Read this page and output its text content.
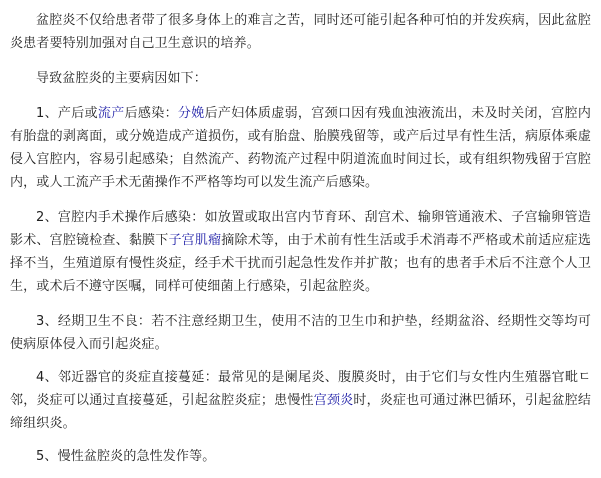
盆腔炎不仅给患者带了很多身体上的难言之苦，同时还可能引起各种可怕的并发疾病，因此盆腔炎患者要特别加强对自己卫生意识的培养。

导致盆腔炎的主要病因如下：

1、产后或流产后感染：分娩后产妇体质虚弱，宫颈口因有残血浊液流出，未及时关闭，宫腔内有胎盘的剥离面，或分娩造成产道损伤，或有胎盘、胎膜残留等，或产后过早有性生活，病原体乘虚侵入宫腔内，容易引起感染；自然流产、药物流产过程中阴道流血时间过长，或有组织物残留于宫腔内，或人工流产手术无菌操作不严格等均可以发生流产后感染。

2、宫腔内手术操作后感染：如放置或取出宫内节育环、刮宫术、输卵管通液术、子宫输卵管造影术、宫腔镜检查、黏膜下子宫肌瘤摘除术等，由于术前有性生活或手术消毒不严格或术前适应症选择不当，生殖道原有慢性炎症，经手术干扰而引起急性发作并扩散；也有的患者手术后不注意个人卫生，或术后不遵守医嘱，同样可使细菌上行感染，引起盆腔炎。

3、经期卫生不良：若不注意经期卫生，使用不洁的卫生巾和护垫，经期盆浴、经期性交等均可使病原体侵入而引起炎症。

4、邻近器官的炎症直接蔓延：最常见的是阑尾炎、腹膜炎时，由于它们与女性内生殖器官毗ㄷ邻，炎症可以通过直接蔓延，引起盆腔炎症；患慢性宫颈炎时，炎症也可通过淋巴循环，引起盆腔结缔组织炎。

5、慢性盆腔炎的急性发作等。
